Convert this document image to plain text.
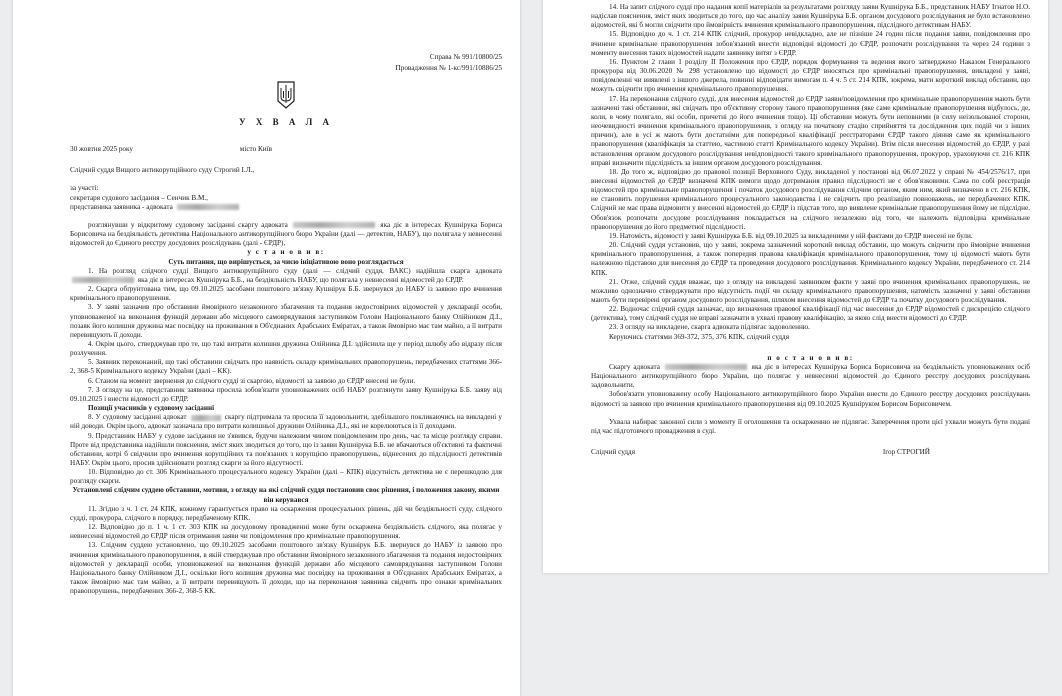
Справа № 991/10800/25
Провадження № 1-кс/991/10886/25
У Х В А Л А
30 жовтня 2025 року	місто Київ

Слідчий суддя Вищого антикорупційного суду Строгий І.Л.,

за участі:

секретаря судового засідання – Сенчик В.М.,

представника заявника - адвоката

розглянувши у відкритому судовому засіданні скаргу адвоката	яка діє в інтересах Кушнірука Бориса Борисовича на бездіяльність детектива Національного антикорупційного бюро України (далі — детектив, НАБУ), що полягала у невнесенні відомостей до Єдиного реєстру досудових розслідувань (далі - ЄРДР),

у с т а н о в и в:

Суть питання, що вирішується, за чиєю ініціативою воно розглядається

1. На розгляд слідчого судді Вищого антикорупційного суду (далі — слідчий суддя, ВАКС) надійшла скарга адвоката  яка діє в інтересах Кушнірука Б.Б., на бездіяльність НАБУ, що полягала у невнесенні відомостей до ЄРДР.

2. Скарга обґрунтована тим, що 09.10.2025 засобами поштового зв'язку Кушнірук Б.Б. звернувся до НАБУ із заявою про вчинення кримінального правопорушення.

3. У заяві зазначив про обставини ймовірного незаконного збагачення та подання недостовірних відомостей у декларації особи, уповноваженої на виконання функцій держави або місцевого самоврядування заступником Голови Національного банку Олійником Д.І., позаяк його колишня дружина має посвідку на проживання в Об'єднаних Арабських Еміратах, а також ймовірно має там майно, а її витрати перевищують її доходи.

4. Окрім цього, стверджував про те, що такі витрати колишня дружина Олійника Д.І. здійснила ще у період шлюбу або відразу після розлучення.

5. Заявник переконаний, що такі обставини свідчать про наявність складу кримінальних правопорушень, передбачених статтями 366-2, 368-5 Кримінального кодексу України (далі – КК).

6. Станом на момент звернення до слідчого судді зі скаргою, відомості за заявою до ЄРДР внесені не були.

7. З огляду на це, представник заявника просила зобов'язати уповноважених осіб НАБУ розглянути заяву Кушнірука Б.Б. заяву від 09.10.2025 і внести відомості до ЄРДР.

Позиції учасників у судовому засіданні

8. У судовому засіданні адвокат	скаргу підтримала та просила її задовольнити, здебільшого покликаючись на викладені у ній доводи. Окрім цього, адвокат зазначала про витрати колишньої дружини Олійника Д.І., які не корелюються із її доходами.

9. Представник НАБУ у судове засідання не з'явився, будучи належним чином повідомленим про день, час та місце розгляду справи. Проте від представника надійшли пояснення, зміст яких зводиться до того, що із заяви Кушнірука Б.Б. не вбачаються об'єктивні та фактичні обставини, котрі б свідчили про вчинення корупційних та пов'язаних з корупцією правопорушень, віднесених до підслідності детективів НАБУ. Окрім цього, просив здійснювати розгляд скарги за його відсутності.

10. Відповідно до ст. 306 Кримінального процесуального кодексу України (далі – КПК) відсутність детектива не є перешкодою для розгляду скарги.

Установлені слідчим суддею обставини, мотиви, з огляду на які слідчий суддя постановив своє рішення, і положення закону, якими він керувався

11. Згідно з ч. 1 ст. 24 КПК, кожному гарантується право на оскарження процесуальних рішень, дій чи бездіяльності суду, слідчого судді, прокурора, слідчого в порядку, передбаченому КПК.

12. Відповідно до п. 1 ч. 1 ст. 303 КПК на досудовому провадженні може бути оскаржена бездіяльність слідчого, яка полягає у невнесенні відомостей до ЄРДР після отримання заяви чи повідомлення про кримінальне правопорушення.

13. Слідчим суддею установлено, що 09.10.2025 засобами поштового зв'язку Кушнірук Б.Б. звернувся до НАБУ із заявою про вчинення кримінального правопорушення, в якій стверджував про обставини ймовірного незаконного збагачення та подання недостовірних відомостей у декларації особи, уповноваженої на виконання функцій держави або місцевого самоврядування заступником Голови Національного банку Олійником Д.І., оскільки його колишня дружина має посвідку на проживання в Об'єднаних Арабських Еміратах, а також ймовірно має там майно, а її витрати перевищують її доходи, що на переконання заявника свідчить про ознаки кримінальних правопорушень, передбачених 366-2, 368-5 КК.

14. На запит слідчого судді про надання копії матеріалів за результатами розгляду заяви Кушнірука Б.Б., представник НАБУ Ігнатов Н.О. надіслав пояснення, зміст яких зводиться до того, що час аналізу заяви Кушнірука Б.Б. органом досудового розслідування не було встановлено відомостей, які б могли свідчити про ймовірність вчинення кримінального правопорушення, підслідного детективам НАБУ.

15. Відповідно до ч. 1 ст. 214 КПК слідчий, прокурор невідкладно, але не пізніше 24 годин після подання заяви, повідомлення про вчинене кримінальне правопорушення зобов'язаний внести відповідні відомості до ЄРДР, розпочати розслідування та через 24 години з моменту внесення таких відомостей надати заявнику витяг з ЄРДР.

16. Пунктом 2 глави 1 розділу II Положення про ЄРДР, порядок формування та ведення якого затверджено Наказом Генерального прокурора від 30.06.2020 № 298 установлено що відомості до ЄРДР вносяться про кримінальні правопорушення, викладені у заяві, повідомленні чи виявлені з іншого джерела, повинні відповідати вимогам п. 4 ч. 5 ст. 214 КПК, зокрема, мати короткий виклад обставин, що можуть свідчити про вчинення кримінального правопорушення.

17. На переконання слідчого судді, для внесення відомостей до ЄРДР заяви/повідомлення про кримінальне правопорушення мають бути зазначені такі обставини, які свідчать про об'єктивну сторону такого правопорушення (яке саме кримінальне правопорушення відбулось, де, коли, в чому полягало, які особи, причетні до його вчинення тощо). Ці обставини можуть бути неповними (в силу неізольованої сторони, неочевидності вчинення кримінального правопорушення, з огляду на початкову стадію сприйняття та дослідження цих подій чи з інших причин), але в усі ж мають бути достатніми для попередньої кваліфікації реєстраторами ЄРДР такого діяння саме як кримінального правопорушення (кваліфікація за статтею, частиною статті Кримінального кодексу України). Втім після внесення відомостей до ЄРДР, у разі встановлення органом досудового розслідування невідповідності такого кримінального правопорушення, прокурор, ураховуючи ст. 216 КПК вправі визначити підслідність за іншим органом досудового розслідування.

18. До того ж, відповідно до правової позиції Верховного Суду, викладеної у постанові від 06.07.2022 у справі № 454/2576/17, при внесенні відомостей до ЄРДР визначені КПК вимоги щодо дотримання правил підслідності не є обов'язковими. Сама по собі реєстрація відомостей про кримінальне правопорушення і початок досудового розслідування слідчим органом, яким ним, який визначено в ст. 216 КПК, не становить порушення кримінального процесуального законодавства і не свідчить про реалізацію повноважень, не передбачених КПК. Слідчий не має права відмовити у внесенні відомостей до ЄРДР із підстав того, що виявлене кримінальне правопорушення йому не підслідне. Обов'язок розпочати досудове розслідування покладається на слідчого незалежно від того, чи належить відповідна кримінальне правопорушення до його предметної підслідності.

19. Натомість, відомості у заяві Кушнірука Б.Б. від 09.10.2025 за викладеними у ній фактами до ЄРДР внесені не були.

20. Слідчий суддя установив, що у заяві, зокрема зазначений короткий виклад обставин, що можуть свідчити про ймовірне вчинення кримінального правопорушення, а також попередня правова кваліфікація кримінального правопорушення, тому ці відомості мають бути належною підставою для внесення до ЄРДР та проведення досудового розслідування. Кримінального кодексу України, передбаченого ст. 214 КПК.

21. Отже, слідчий суддя вважає, що з огляду на викладені заявником факти у заяві про вчинення кримінальних правопорушень, не можливо однозначно стверджувати про відсутність події чи складу кримінального правопорушення, натомість зазначені у заяві обставини мають бути перевірені органом досудового розслідування, шляхом внесення відомостей до ЄРДР та початку досудового розслідування.

22. Водночас слідчий суддя зазначає, що визначення правової кваліфікації під час внесення до ЄРДР відомостей є дискрецією слідчого (детектива), тому слідчий суддя не вправі зазначати в ухвалі правову кваліфікацію, за якою слід внести відомості до ЄРДР.

23. З огляду на викладене, скарга адвоката підлягає задоволенню.

Керуючись статтями 369-372, 375, 376 КПК, слідчий суддя

п о с т а н о в и в:

Скаргу адвоката	яка діє в інтересах Кушнірука Бориса Борисовича на бездіяльність уповноважених осіб Національного антикорупційного бюро України, що полягає у невнесенні відомостей до Єдиного реєстру досудових розслідувань задовольнити.

Зобов'язати уповноважену особу Національного антикорупційного бюро України внести до Єдиного реєстру досудових розслідувань відомості за заявою про вчинення кримінального правопорушення від 09.10.2025 Кушніруком Борисом Борисовичем.

Ухвала набирає законної сили з моменту її оголошення та оскарженню не підлягає. Заперечення проти цієї ухвали можуть бути подані під час підготовчого провадження в суді.

Слідчий суддя	Ігор СТРОГИЙ
